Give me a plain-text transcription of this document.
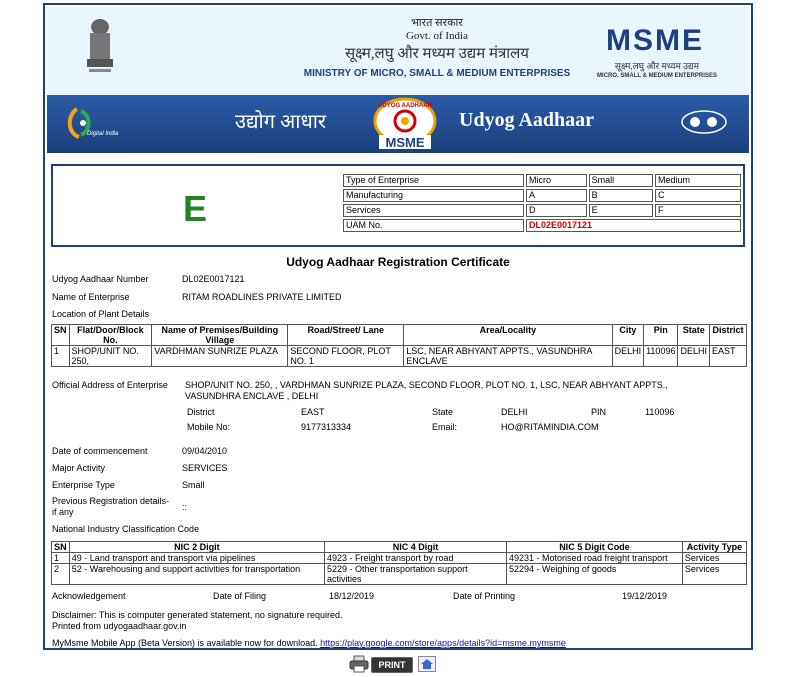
भारत सरकार
Govt. of India
सूक्ष्म,लघु और मध्यम उद्यम मंत्रालय
MINISTRY OF MICRO, SMALL & MEDIUM ENTERPRISES
MSME
सूक्ष्म,लघु और मध्यम उद्यम
MICRO, SMALL & MEDIUM ENTERPRISES
Digital India
उद्योग आधार
UDYOG AADHAAR
MSME
Udyog Aadhaar
E
Type of Enterprise	Micro	Small	Medium
Manufacturing	A	B	C
Services	D	E	F
UAM No.	DL02E0017121		
Udyog Aadhaar Registration Certificate
Udyog Aadhaar Number	DL02E0017121
Name of Enterprise	RITAM ROADLINES PRIVATE LIMITED
Location of Plant Details
SN	Flat/Door/Block No.	Name of Premises/Building Village	Road/Street/ Lane	Area/Locality	City	Pin	State	District
1	SHOP/UNIT NO. 250,	VARDHMAN SUNRIZE PLAZA	SECOND FLOOR, PLOT NO. 1	LSC, NEAR ABHYANT APPTS., VASUNDHRA ENCLAVE	DELHI	110096	DELHI	EAST
Official Address of Enterprise SHOP/UNIT NO. 250, , VARDHMAN SUNRIZE PLAZA, SECOND FLOOR, PLOT NO. 1, LSC, NEAR ABHYANT APPTS., VASUNDHRA ENCLAVE , DELHI
District	EAST	State	DELHI	PIN	110096
Mobile No:	9177313334	Email:	HO@RITAMINDIA.COM
Date of commencement	09/04/2010
Major Activity	SERVICES
Enterprise Type	Small
Previous Registration details-
if any	::
National Industry Classification Code
SN	NIC 2 Digit	NIC 4 Digit	NIC 5 Digit Code	Activity Type
1	49 - Land transport and transport via pipelines	4923 - Freight transport by road	49231 - Motorised road freight transport	Services
2	52 - Warehousing and support activities for transportation	5229 - Other transportation support activities	52294 - Weighing of goods	Services
Acknowledgement	Date of Filing	18/12/2019	Date of Printing	19/12/2019
Disclaimer: This is computer generated statement, no signature required.
Printed from udyogaadhaar.gov.in
MyMsme Mobile App (Beta Version) is available now for download. https://play.google.com/store/apps/details?id=msme.mymsme
PRINT
